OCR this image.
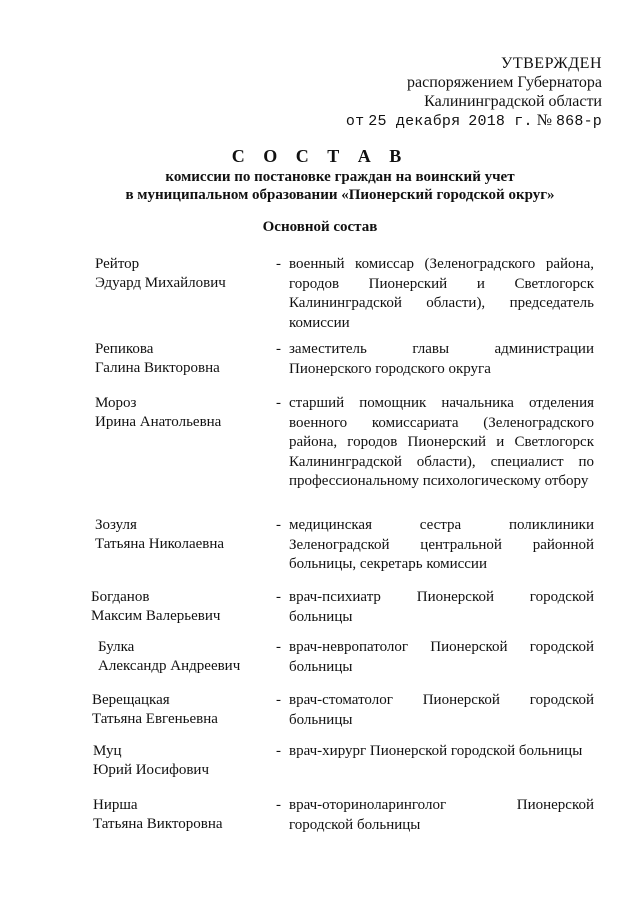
УТВЕРЖДЕН
распоряжением Губернатора
Калининградской области
от 25 декабря 2018 г. № 868-р
С О С Т А В
комиссии по постановке граждан на воинский учет
в муниципальном образовании «Пионерский городской округ»
Основной состав
Рейтор
Эдуард Михайлович
- военный комиссар (Зеленоградского района, городов Пионерский и Светлогорск Калининградской области), председатель комиссии
Репикова
Галина Викторовна
- заместитель главы администрации Пионерского городского округа
Мороз
Ирина Анатольевна
- старший помощник начальника отделения военного комиссариата (Зеленоградского района, городов Пионерский и Светлогорск Калининградской области), специалист по профессиональному психологическому отбору
Зозуля
Татьяна Николаевна
- медицинская сестра поликлиники Зеленоградской центральной районной больницы, секретарь комиссии
Богданов
Максим Валерьевич
- врач-психиатр Пионерской городской больницы
Булка
Александр Андреевич
- врач-невропатолог Пионерской городской больницы
Верещацкая
Татьяна Евгеньевна
- врач-стоматолог Пионерской городской больницы
Муц
Юрий Иосифович
- врач-хирург Пионерской городской больницы
Нирша
Татьяна Викторовна
- врач-оториноларинголог Пионерской городской больницы
